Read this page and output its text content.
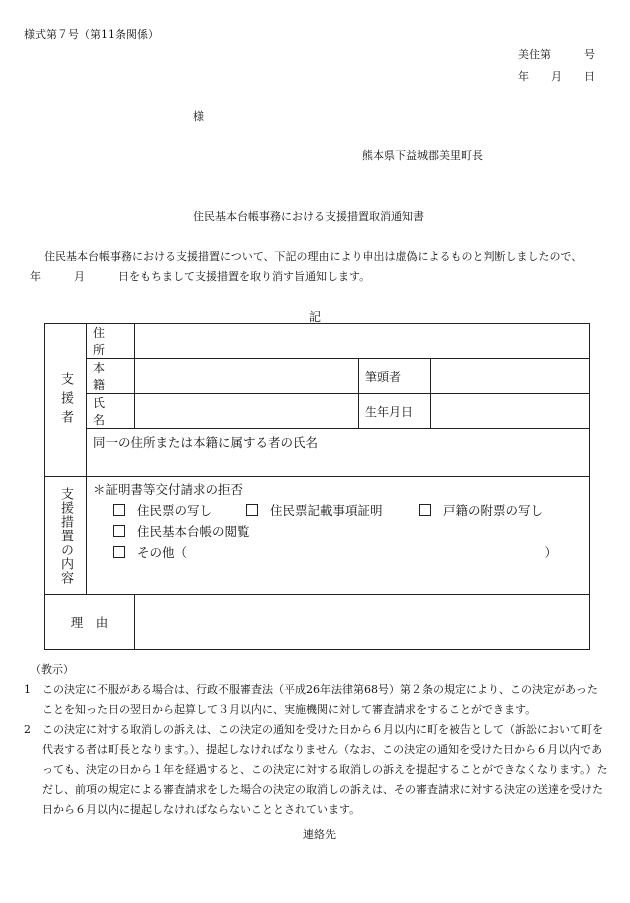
様式第７号（第11条関係）
美住第　　　号
年　　月　　日
様
熊本県下益城郡美里町長
住民基本台帳事務における支援措置取消通知書
住民基本台帳事務における支援措置について、下記の理由により申出は虚偽によるものと判断しましたので、
年　　　月　　　日をもちまして支援措置を取り消す旨通知します。
記
支援者	住　所			
	本　籍		筆頭者	
	氏　名		生年月日	
	同一の住所または本籍に属する者の氏名			

支援措置の内容	＊証明書等交付請求の拒否
住民票の写し 住民票記載事項証明 戸籍の附票の写し
住民基本台帳の閲覧
その他（ ）			

理　由				
（教示）
1　この決定に不服がある場合は、行政不服審査法（平成26年法律第68号）第２条の規定により、この決定があったことを知った日の翌日から起算して３月以内に、実施機関に対して審査請求をすることができます。
2　この決定に対する取消しの訴えは、この決定の通知を受けた日から６月以内に町を被告として（訴訟において町を代表する者は町長となります。）、提起しなければなりません（なお、この決定の通知を受けた日から６月以内であっても、決定の日から１年を経過すると、この決定に対する取消しの訴えを提起することができなくなります。）ただし、前項の規定による審査請求をした場合の決定の取消しの訴えは、その審査請求に対する決定の送達を受けた日から６月以内に提起しなければならないこととされています。
連絡先
